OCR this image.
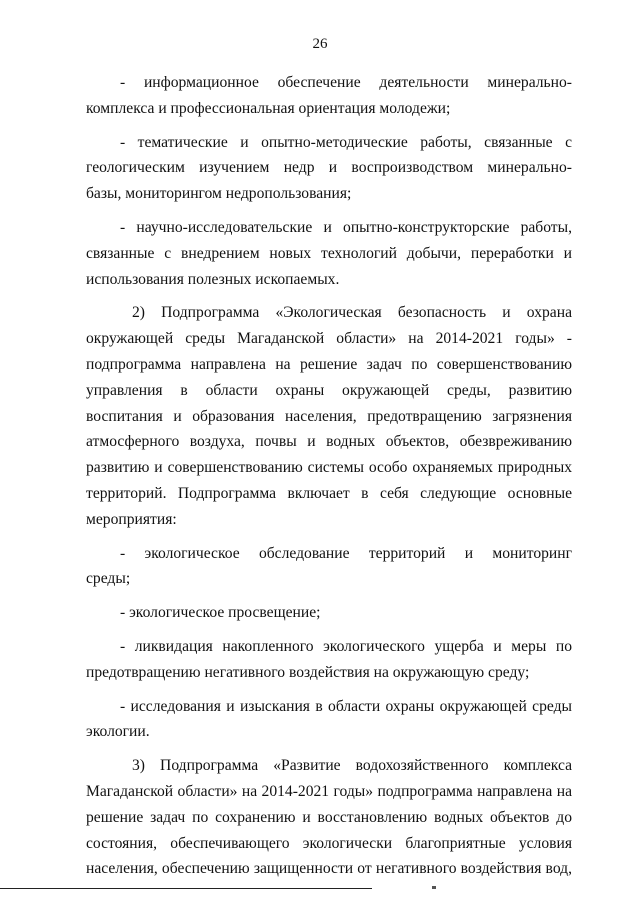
26
- информационное обеспечение деятельности минерально-
комплекса и профессиональная ориентация молодежи;
- тематические и опытно-методические работы, связанные с
геологическим изучением недр и воспроизводством минерально-
базы, мониторингом недропользования;
- научно-исследовательские и опытно-конструкторские работы,
связанные с внедрением новых технологий добычи, переработки и
использования полезных ископаемых.
2) Подпрограмма «Экологическая безопасность и охрана
окружающей среды Магаданской области» на 2014-2021 годы» -
подпрограмма направлена на решение задач по совершенствованию
управления в области охраны окружающей среды, развитию
воспитания и образования населения, предотвращению загрязнения
атмосферного воздуха, почвы и водных объектов, обезвреживанию
развитию и совершенствованию системы особо охраняемых природных
территорий. Подпрограмма включает в себя следующие основные
мероприятия:
- экологическое обследование территорий и мониторинг
среды;
- экологическое просвещение;
- ликвидация накопленного экологического ущерба и меры по
предотвращению негативного воздействия на окружающую среду;
- исследования и изыскания в области охраны окружающей среды
экологии.
3) Подпрограмма «Развитие водохозяйственного комплекса
Магаданской области» на 2014-2021 годы» подпрограмма направлена на
решение задач по сохранению и восстановлению водных объектов до
состояния, обеспечивающего экологически благоприятные условия
населения, обеспечению защищенности от негативного воздействия вод,
